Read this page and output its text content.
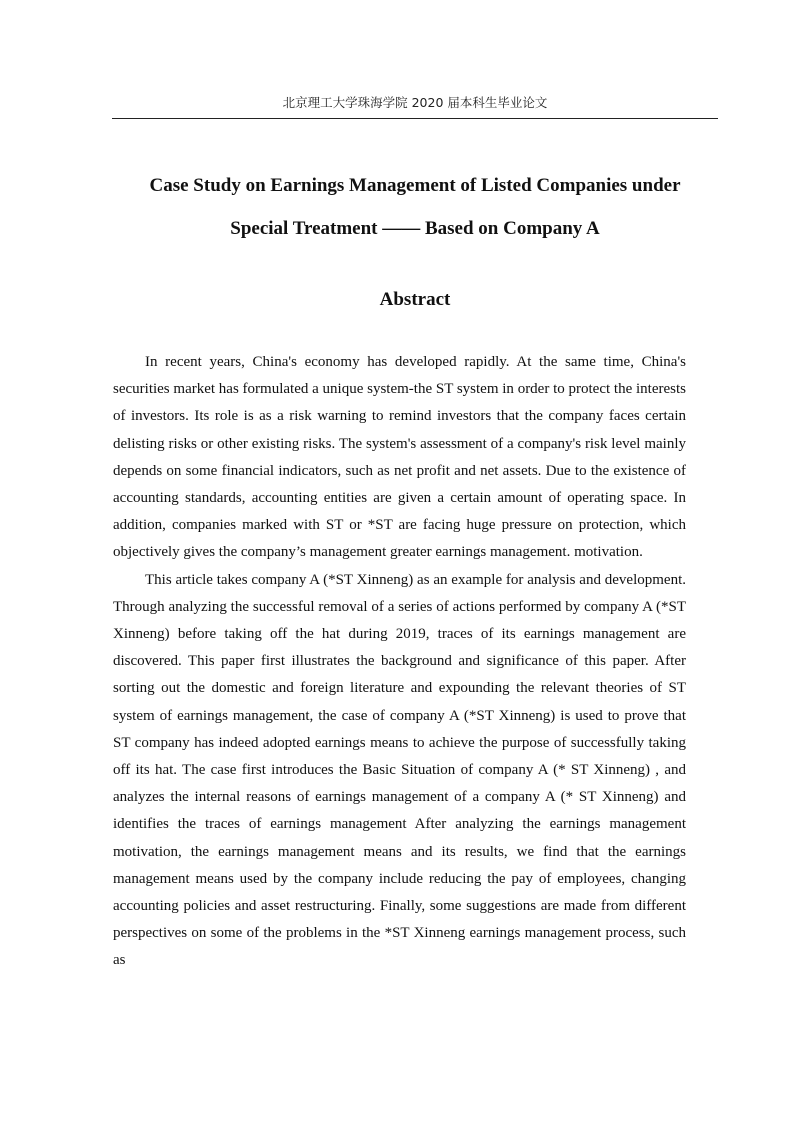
北京理工大学珠海学院 2020 届本科生毕业论文
Case Study on Earnings Management of Listed Companies under
Special Treatment —— Based on Company A
Abstract

In recent years, China's economy has developed rapidly. At the same time, China's securities market has formulated a unique system-the ST system in order to protect the interests of investors. Its role is as a risk warning to remind investors that the company faces certain delisting risks or other existing risks. The system's assessment of a company's risk level mainly depends on some financial indicators, such as net profit and net assets. Due to the existence of accounting standards, accounting entities are given a certain amount of operating space. In addition, companies marked with ST or *ST are facing huge pressure on protection, which objectively gives the company’s management greater earnings management. motivation.

This article takes company A (*ST Xinneng) as an example for analysis and development. Through analyzing the successful removal of a series of actions performed by company A (*ST Xinneng) before taking off the hat during 2019, traces of its earnings management are discovered. This paper first illustrates the background and significance of this paper. After sorting out the domestic and foreign literature and expounding the relevant theories of ST system of earnings management, the case of company A (*ST Xinneng) is used to prove that ST company has indeed adopted earnings means to achieve the purpose of successfully taking off its hat. The case first introduces the Basic Situation of company A (* ST Xinneng) , and analyzes the internal reasons of earnings management of a company A (* ST Xinneng) and identifies the traces of earnings management After analyzing the earnings management motivation, the earnings management means and its results, we find that the earnings management means used by the company include reducing the pay of employees, changing accounting policies and asset restructuring. Finally, some suggestions are made from different perspectives on some of the problems in the *ST Xinneng earnings management process, such as
